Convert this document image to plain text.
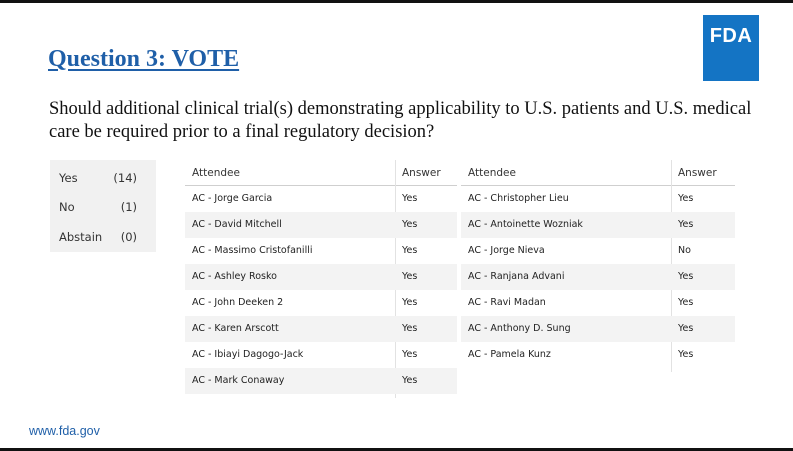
Question 3: VOTE
FDA
Should additional clinical trial(s) demonstrating applicability to U.S. patients and U.S. medical care be required prior to a final regulatory decision?
Yes	(14)
No	(1)
Abstain (0)
Attendee	Answer
AC - Jorge Garcia	Yes
AC - David Mitchell	Yes
AC - Massimo Cristofanilli	Yes
AC - Ashley Rosko	Yes
AC - John Deeken 2	Yes
AC - Karen Arscott	Yes
AC - Ibiayi Dagogo-Jack	Yes
AC - Mark Conaway	Yes
Attendee	Answer
AC - Christopher Lieu	Yes
AC - Antoinette Wozniak	Yes
AC - Jorge Nieva	No
AC - Ranjana Advani	Yes
AC - Ravi Madan	Yes
AC - Anthony D. Sung	Yes
AC - Pamela Kunz	Yes
www.fda.gov
